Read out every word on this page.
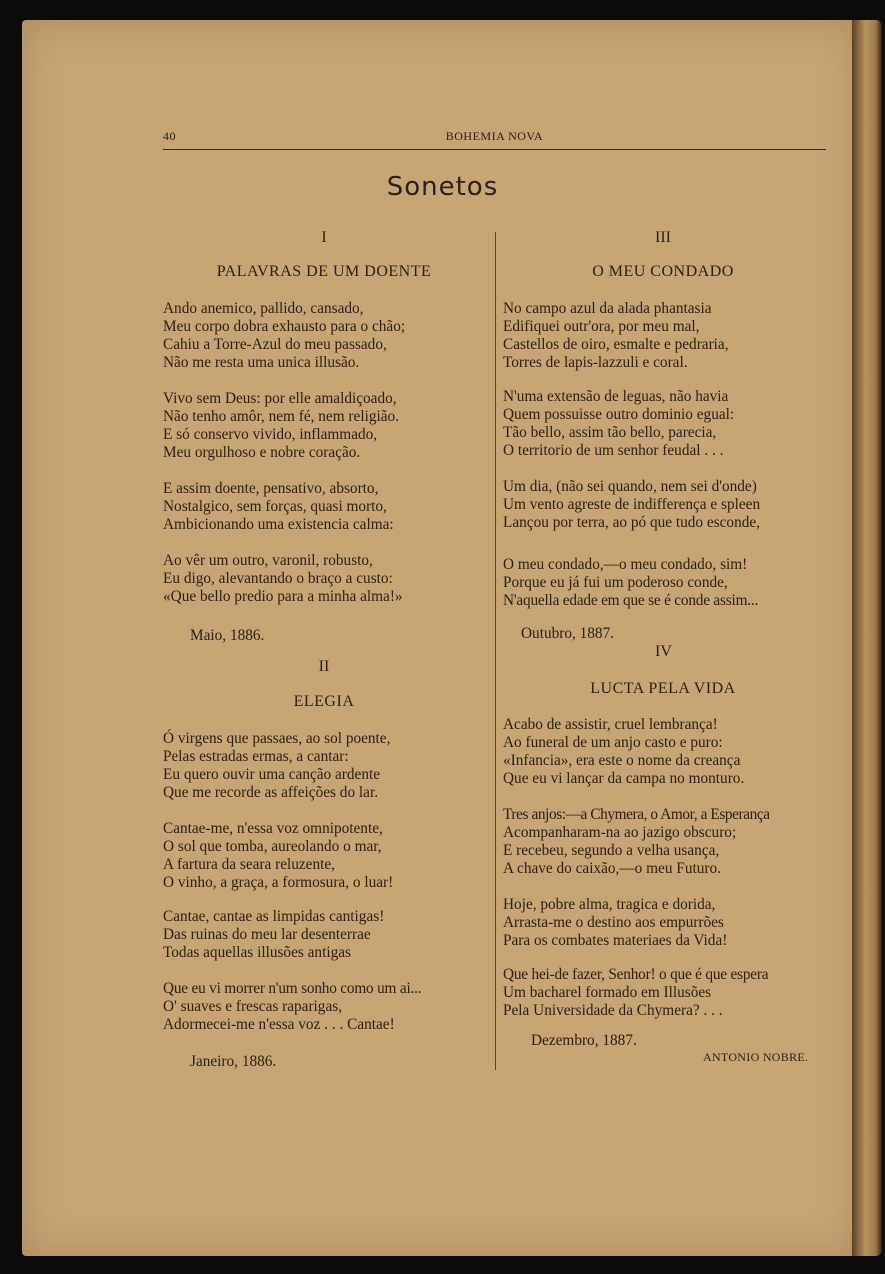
40	BOHEMIA NOVA
Sonetos
I
PALAVRAS DE UM DOENTE
Ando anemico, pallido, cansado,
Meu corpo dobra exhausto para o chão;
Cahiu a Torre-Azul do meu passado,
Não me resta uma unica illusão.
Vivo sem Deus: por elle amaldiçoado,
Não tenho amôr, nem fé, nem religião.
E só conservo vivido, inflammado,
Meu orgulhoso e nobre coração.
E assim doente, pensativo, absorto,
Nostalgico, sem forças, quasi morto,
Ambicionando uma existencia calma:
Ao vêr um outro, varonil, robusto,
Eu digo, alevantando o braço a custo:
«Que bello predio para a minha alma!»
Maio, 1886.
II
ELEGIA
Ó virgens que passaes, ao sol poente,
Pelas estradas ermas, a cantar:
Eu quero ouvir uma canção ardente
Que me recorde as affeições do lar.
Cantae-me, n'essa voz omnipotente,
O sol que tomba, aureolando o mar,
A fartura da seara reluzente,
O vinho, a graça, a formosura, o luar!
Cantae, cantae as limpidas cantigas!
Das ruinas do meu lar desenterrae
Todas aquellas illusões antigas
Que eu vi morrer n'um sonho como um ai...
O' suaves e frescas raparigas,
Adormecei-me n'essa voz . . . Cantae!
Janeiro, 1886.
III
O MEU CONDADO
No campo azul da alada phantasia
Edifiquei outr'ora, por meu mal,
Castellos de oiro, esmalte e pedraria,
Torres de lapis-lazzuli e coral.
N'uma extensão de leguas, não havia
Quem possuisse outro dominio egual:
Tão bello, assim tão bello, parecia,
O territorio de um senhor feudal . . .
Um dia, (não sei quando, nem sei d'onde)
Um vento agreste de indifferença e spleen
Lançou por terra, ao pó que tudo esconde,
O meu condado,—o meu condado, sim!
Porque eu já fui um poderoso conde,
N'aquella edade em que se é conde assim...
Outubro, 1887.
IV
LUCTA PELA VIDA
Acabo de assistir, cruel lembrança!
Ao funeral de um anjo casto e puro:
«Infancia», era este o nome da creança
Que eu vi lançar da campa no monturo.
Tres anjos:—a Chymera, o Amor, a Esperança
Acompanharam-na ao jazigo obscuro;
E recebeu, segundo a velha usança,
A chave do caixão,—o meu Futuro.
Hoje, pobre alma, tragica e dorida,
Arrasta-me o destino aos empurrões
Para os combates materiaes da Vida!
Que hei-de fazer, Senhor! o que é que espera
Um bacharel formado em Illusões
Pela Universidade da Chymera? . . .
Dezembro, 1887.
ANTONIO NOBRE.
